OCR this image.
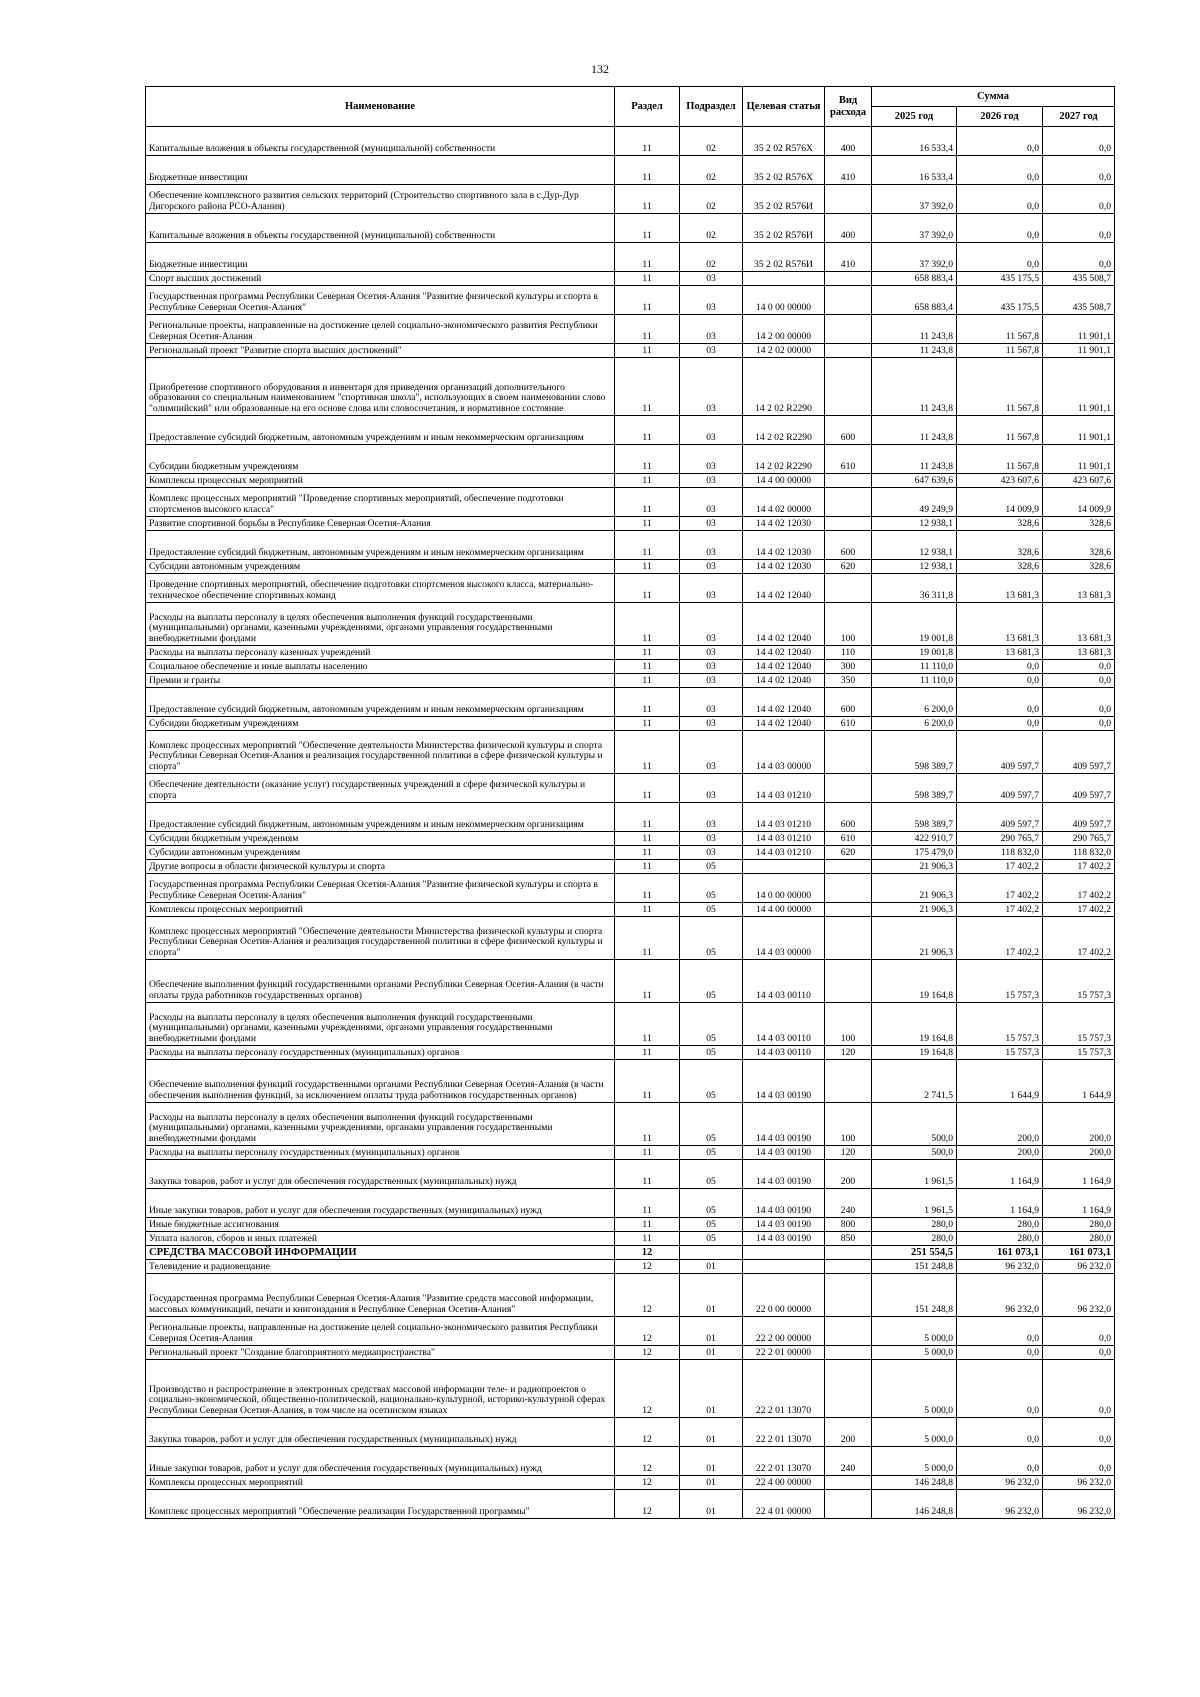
132
Наименование	Раздел	Подраздел	Целевая статья	Вид расхода	Сумма		
					2025 год	2026 год	2027 год
Капитальные вложения в объекты государственной (муниципальной) собственности	11	02	35 2 02 R576X	400	16 533,4	0,0	0,0
Бюджетные инвестиции	11	02	35 2 02 R576X	410	16 533,4	0,0	0,0
Обеспечение комплексного развития сельских территорий (Строительство спортивного зала в с.Дур-Дур Дигорского района РСО-Алания)	11	02	35 2 02 R576И		37 392,0	0,0	0,0
Капитальные вложения в объекты государственной (муниципальной) собственности	11	02	35 2 02 R576И	400	37 392,0	0,0	0,0
Бюджетные инвестиции	11	02	35 2 02 R576И	410	37 392,0	0,0	0,0
Спорт высших достижений	11	03			658 883,4	435 175,5	435 508,7
Государственная программа Республики Северная Осетия-Алания "Развитие физической культуры и спорта в Республике Северная Осетия-Алания"	11	03	14 0 00 00000		658 883,4	435 175,5	435 508,7
Региональные проекты, направленные на достижение целей социально-экономического развития Республики Северная Осетия-Алания	11	03	14 2 00 00000		11 243,8	11 567,8	11 901,1
Региональный проект "Развитие спорта высших достижений"	11	03	14 2 02 00000		11 243,8	11 567,8	11 901,1
Приобретение спортивного оборудования и инвентаря для приведения организаций дополнительного образования со специальным наименованием "спортивная школа", использующих в своем наименовании слово "олимпийский" или образованные на его основе слова или словосочетания, в нормативное состояние	11	03	14 2 02 R2290		11 243,8	11 567,8	11 901,1
Предоставление субсидий бюджетным, автономным учреждениям и иным некоммерческим организациям	11	03	14 2 02 R2290	600	11 243,8	11 567,8	11 901,1
Субсидии бюджетным учреждениям	11	03	14 2 02 R2290	610	11 243,8	11 567,8	11 901,1
Комплексы процессных мероприятий	11	03	14 4 00 00000		647 639,6	423 607,6	423 607,6
Комплекс процессных мероприятий "Проведение спортивных мероприятий, обеспечение подготовки спортсменов высокого класса"	11	03	14 4 02 00000		49 249,9	14 009,9	14 009,9
Развитие спортивной борьбы в Республике Северная Осетия-Алания	11	03	14 4 02 12030		12 938,1	328,6	328,6
Предоставление субсидий бюджетным, автономным учреждениям и иным некоммерческим организациям	11	03	14 4 02 12030	600	12 938,1	328,6	328,6
Субсидии автономным учреждениям	11	03	14 4 02 12030	620	12 938,1	328,6	328,6
Проведение спортивных мероприятий, обеспечение подготовки спортсменов высокого класса, материально-техническое обеспечение спортивных команд	11	03	14 4 02 12040		36 311,8	13 681,3	13 681,3
Расходы на выплаты персоналу в целях обеспечения выполнения функций государственными (муниципальными) органами, казенными учреждениями, органами управления государственными внебюджетными фондами	11	03	14 4 02 12040	100	19 001,8	13 681,3	13 681,3
Расходы на выплаты персоналу казенных учреждений	11	03	14 4 02 12040	110	19 001,8	13 681,3	13 681,3
Социальное обеспечение и иные выплаты населению	11	03	14 4 02 12040	300	11 110,0	0,0	0,0
Премии и гранты	11	03	14 4 02 12040	350	11 110,0	0,0	0,0
Предоставление субсидий бюджетным, автономным учреждениям и иным некоммерческим организациям	11	03	14 4 02 12040	600	6 200,0	0,0	0,0
Субсидии бюджетным учреждениям	11	03	14 4 02 12040	610	6 200,0	0,0	0,0
Комплекс процессных мероприятий "Обеспечение деятельности Министерства физической культуры и спорта Республики Северная Осетия-Алания и реализация государственной политики в сфере физической культуры и спорта"	11	03	14 4 03 00000		598 389,7	409 597,7	409 597,7
Обеспечение деятельности (оказание услуг) государственных учреждений в сфере физической культуры и спорта	11	03	14 4 03 01210		598 389,7	409 597,7	409 597,7
Предоставление субсидий бюджетным, автономным учреждениям и иным некоммерческим организациям	11	03	14 4 03 01210	600	598 389,7	409 597,7	409 597,7
Субсидии бюджетным учреждениям	11	03	14 4 03 01210	610	422 910,7	290 765,7	290 765,7
Субсидии автономным учреждениям	11	03	14 4 03 01210	620	175 479,0	118 832,0	118 832,0
Другие вопросы в области физической культуры и спорта	11	05			21 906,3	17 402,2	17 402,2
Государственная программа Республики Северная Осетия-Алания "Развитие физической культуры и спорта в Республике Северная Осетия-Алания"	11	05	14 0 00 00000		21 906,3	17 402,2	17 402,2
Комплексы процессных мероприятий	11	05	14 4 00 00000		21 906,3	17 402,2	17 402,2
Комплекс процессных мероприятий "Обеспечение деятельности Министерства физической культуры и спорта Республики Северная Осетия-Алания и реализация государственной политики в сфере физической культуры и спорта"	11	05	14 4 03 00000		21 906,3	17 402,2	17 402,2
Обеспечение выполнения функций государственными органами Республики Северная Осетия-Алания (в части оплаты труда работников государственных органов)	11	05	14 4 03 00110		19 164,8	15 757,3	15 757,3
Расходы на выплаты персоналу в целях обеспечения выполнения функций государственными (муниципальными) органами, казенными учреждениями, органами управления государственными внебюджетными фондами	11	05	14 4 03 00110	100	19 164,8	15 757,3	15 757,3
Расходы на выплаты персоналу государственных (муниципальных) органов	11	05	14 4 03 00110	120	19 164,8	15 757,3	15 757,3
Обеспечение выполнения функций государственными органами Республики Северная Осетия-Алания (в части обеспечения выполнения функций, за исключением оплаты труда работников государственных органов)	11	05	14 4 03 00190		2 741,5	1 644,9	1 644,9
Расходы на выплаты персоналу в целях обеспечения выполнения функций государственными (муниципальными) органами, казенными учреждениями, органами управления государственными внебюджетными фондами	11	05	14 4 03 00190	100	500,0	200,0	200,0
Расходы на выплаты персоналу государственных (муниципальных) органов	11	05	14 4 03 00190	120	500,0	200,0	200,0
Закупка товаров, работ и услуг для обеспечения государственных (муниципальных) нужд	11	05	14 4 03 00190	200	1 961,5	1 164,9	1 164,9
Иные закупки товаров, работ и услуг для обеспечения государственных (муниципальных) нужд	11	05	14 4 03 00190	240	1 961,5	1 164,9	1 164,9
Иные бюджетные ассигнования	11	05	14 4 03 00190	800	280,0	280,0	280,0
Уплата налогов, сборов и иных платежей	11	05	14 4 03 00190	850	280,0	280,0	280,0
СРЕДСТВА МАССОВОЙ ИНФОРМАЦИИ	12				251 554,5	161 073,1	161 073,1
Телевидение и радиовещание	12	01			151 248,8	96 232,0	96 232,0
Государственная программа Республики Северная Осетия-Алания "Развитие средств массовой информации, массовых коммуникаций, печати и книгоиздания в Республике Северная Осетия-Алания"	12	01	22 0 00 00000		151 248,8	96 232,0	96 232,0
Региональные проекты, направленные на достижение целей социально-экономического развития Республики Северная Осетия-Алания	12	01	22 2 00 00000		5 000,0	0,0	0,0
Региональный проект "Создание благоприятного медиапространства"	12	01	22 2 01 00000		5 000,0	0,0	0,0
Производство и распространение в электронных средствах массовой информации теле- и радиопроектов о социально-экономической, общественно-политической, национально-культурной, историко-культурной сферах Республики Северная Осетия-Алания, в том числе на осетинском языках	12	01	22 2 01 13070		5 000,0	0,0	0,0
Закупка товаров, работ и услуг для обеспечения государственных (муниципальных) нужд	12	01	22 2 01 13070	200	5 000,0	0,0	0,0
Иные закупки товаров, работ и услуг для обеспечения государственных (муниципальных) нужд	12	01	22 2 01 13070	240	5 000,0	0,0	0,0
Комплексы процессных мероприятий	12	01	22 4 00 00000		146 248,8	96 232,0	96 232,0
Комплекс процессных мероприятий "Обеспечение реализации Государственной программы"	12	01	22 4 01 00000		146 248,8	96 232,0	96 232,0
